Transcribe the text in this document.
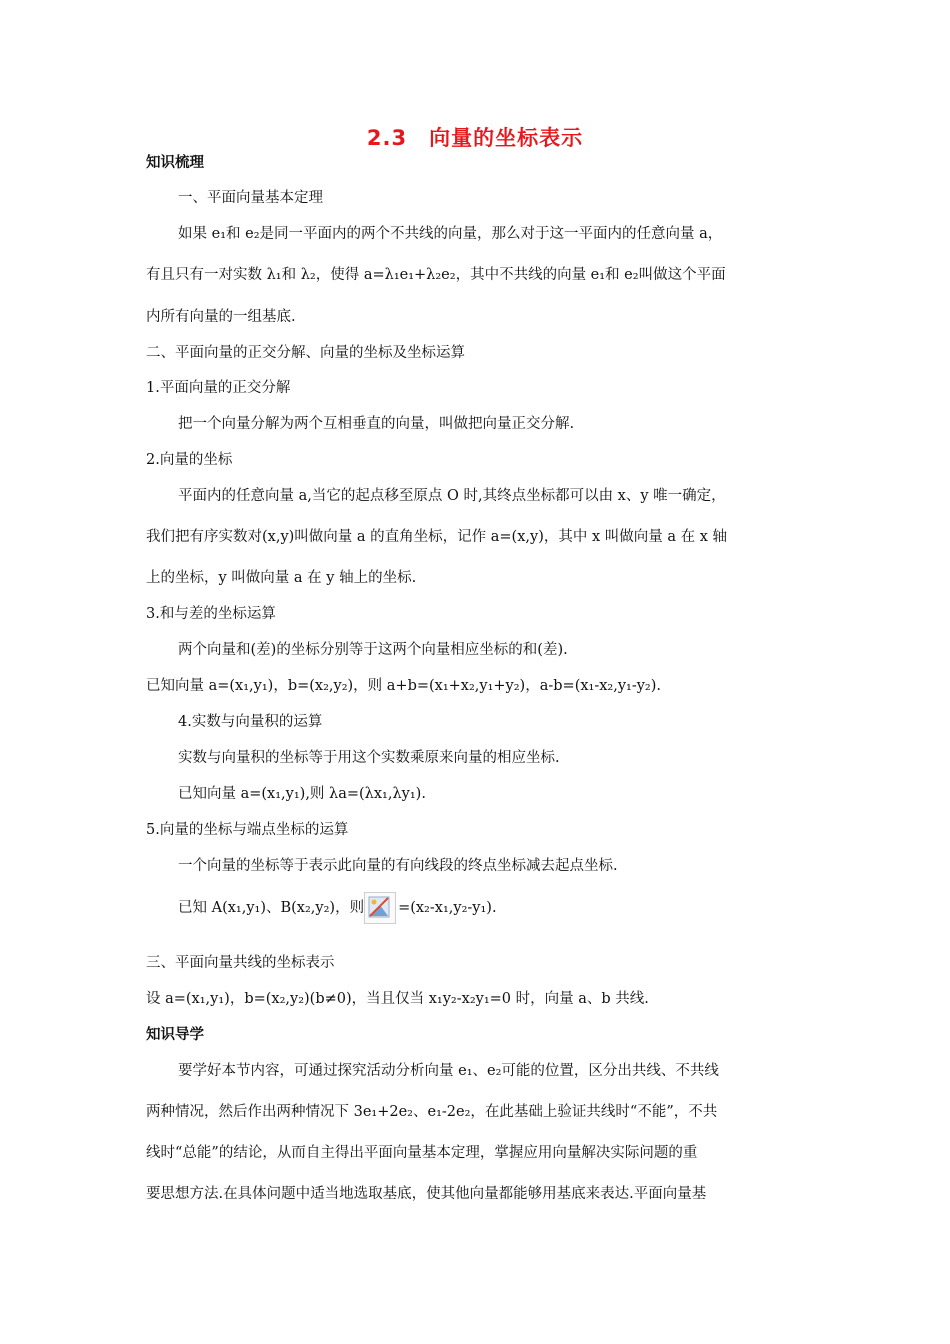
2.3　向量的坐标表示
知识梳理
一、平面向量基本定理
如果 e₁和 e₂是同一平面内的两个不共线的向量，那么对于这一平面内的任意向量 a，
有且只有一对实数 λ₁和 λ₂，使得 a=λ₁e₁+λ₂e₂，其中不共线的向量 e₁和 e₂叫做这个平面
内所有向量的一组基底.
二、平面向量的正交分解、向量的坐标及坐标运算
1.平面向量的正交分解
把一个向量分解为两个互相垂直的向量，叫做把向量正交分解.
2.向量的坐标
平面内的任意向量 a,当它的起点移至原点 O 时,其终点坐标都可以由 x、y 唯一确定，
我们把有序实数对(x,y)叫做向量 a 的直角坐标，记作 a=(x,y)，其中 x 叫做向量 a 在 x 轴
上的坐标，y 叫做向量 a 在 y 轴上的坐标.
3.和与差的坐标运算
两个向量和(差)的坐标分别等于这两个向量相应坐标的和(差).
已知向量 a=(x₁,y₁)，b=(x₂,y₂)，则 a+b=(x₁+x₂,y₁+y₂)，a-b=(x₁-x₂,y₁-y₂).
4.实数与向量积的运算
实数与向量积的坐标等于用这个实数乘原来向量的相应坐标.
已知向量 a=(x₁,y₁),则 λa=(λx₁,λy₁).
5.向量的坐标与端点坐标的运算
一个向量的坐标等于表示此向量的有向线段的终点坐标减去起点坐标.
已知 A(x₁,y₁)、B(x₂,y₂)，则 =(x₂-x₁,y₂-y₁).
三、平面向量共线的坐标表示
设 a=(x₁,y₁)，b=(x₂,y₂)(b≠0)，当且仅当 x₁y₂-x₂y₁=0 时，向量 a、b 共线.
知识导学
要学好本节内容，可通过探究活动分析向量 e₁、e₂可能的位置，区分出共线、不共线
两种情况，然后作出两种情况下 3e₁+2e₂、e₁-2e₂，在此基础上验证共线时“不能”，不共
线时“总能”的结论，从而自主得出平面向量基本定理，掌握应用向量解决实际问题的重
要思想方法.在具体问题中适当地选取基底，使其他向量都能够用基底来表达.平面向量基
